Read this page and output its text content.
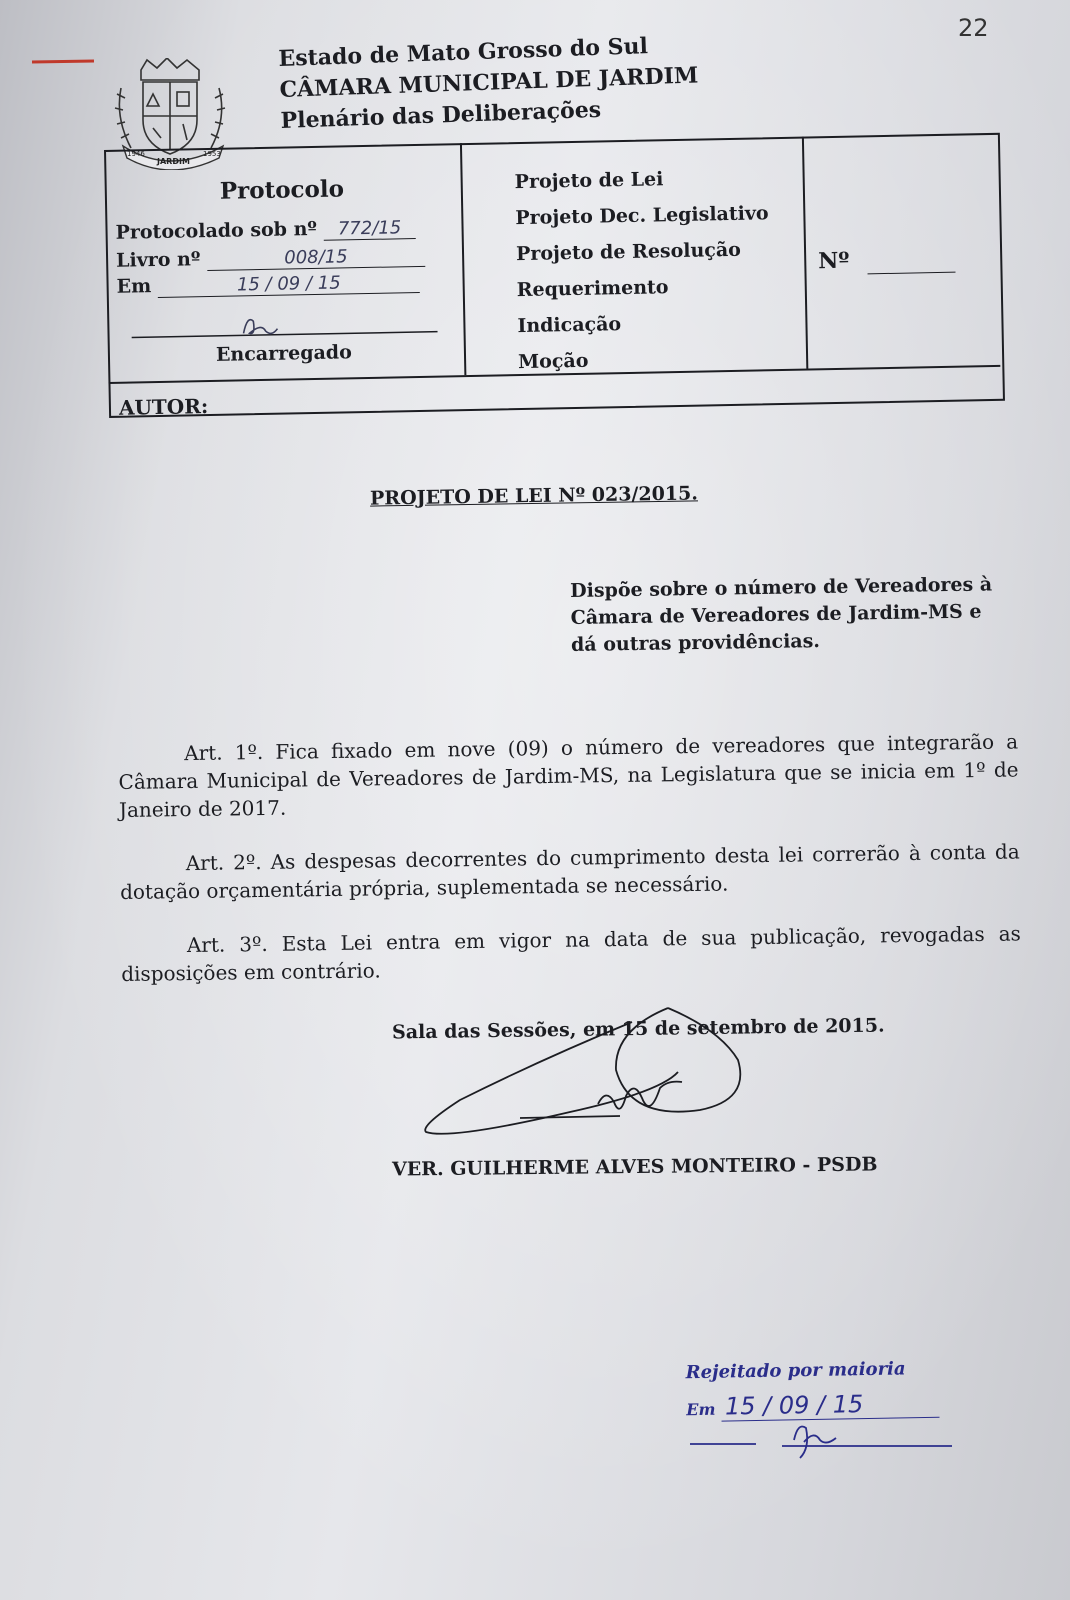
22
1946
JARDIM
1953
Estado de Mato Grosso do Sul
CÂMARA MUNICIPAL DE JARDIM
Plenário das Deliberações
Protocolo
Protocolado sob nº 772/15
Livro nº	008/15
Em	15 / 09 / 15
Encarregado
Projeto de Lei
Projeto Dec. Legislativo
Projeto de Resolução
Requerimento
Indicação
Moção
Nº
AUTOR:
PROJETO DE LEI Nº 023/2015.
Dispõe sobre o número de Vereadores à Câmara de Vereadores de Jardim-MS e dá outras providências.

Art. 1º. Fica fixado em nove (09) o número de vereadores que integrarão a Câmara Municipal de Vereadores de Jardim-MS, na Legislatura que se inicia em 1º de Janeiro de 2017.

Art. 2º. As despesas decorrentes do cumprimento desta lei correrão à conta da dotação orçamentária própria, suplementada se necessário.

Art. 3º. Esta Lei entra em vigor na data de sua publicação, revogadas as disposições em contrário.

Sala das Sessões, em 15 de setembro de 2015.
VER. GUILHERME ALVES MONTEIRO - PSDB
Rejeitado por maioria
Em 15 / 09 / 15
